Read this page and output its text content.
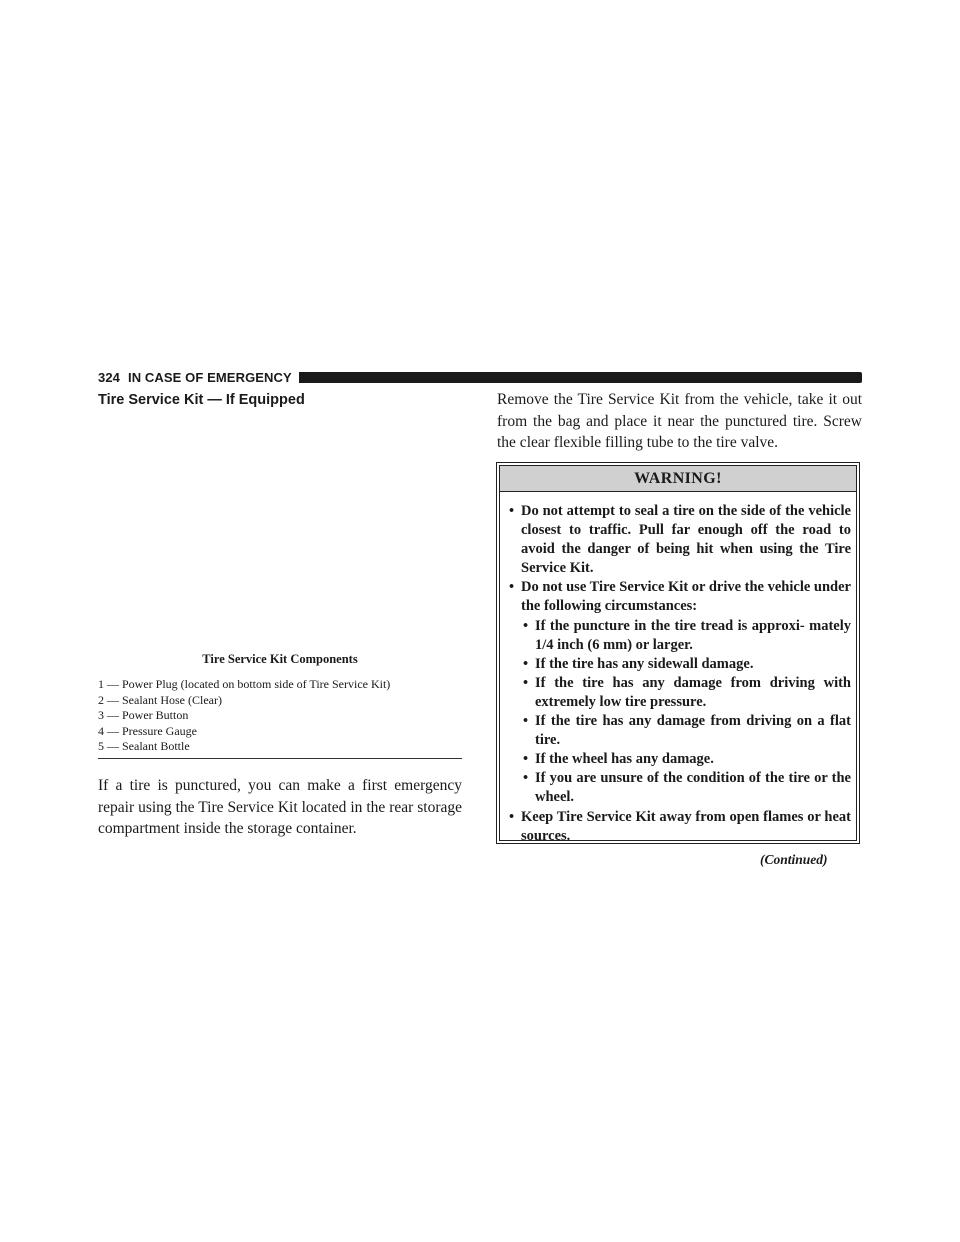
324 IN CASE OF EMERGENCY
Tire Service Kit — If Equipped
Tire Service Kit Components
1 — Power Plug (located on bottom side of Tire Service Kit)
2 — Sealant Hose (Clear)
3 — Power Button
4 — Pressure Gauge
5 — Sealant Bottle

If a tire is punctured, you can make a first emergency repair using the Tire Service Kit located in the rear storage compartment inside the storage container.

Remove the Tire Service Kit from the vehicle, take it out from the bag and place it near the punctured tire. Screw the clear flexible filling tube to the tire valve.

WARNING!
• Do not attempt to seal a tire on the side of the vehicle closest to traffic. Pull far enough off the road to avoid the danger of being hit when using the Tire Service Kit.
• Do not use Tire Service Kit or drive the vehicle under the following circumstances:
• If the puncture in the tire tread is approxi- mately 1/4 inch (6 mm) or larger.
• If the tire has any sidewall damage.
• If the tire has any damage from driving with extremely low tire pressure.
• If the tire has any damage from driving on a flat tire.
• If the wheel has any damage.
• If you are unsure of the condition of the tire or the wheel.
• Keep Tire Service Kit away from open flames or heat sources.
(Continued)
